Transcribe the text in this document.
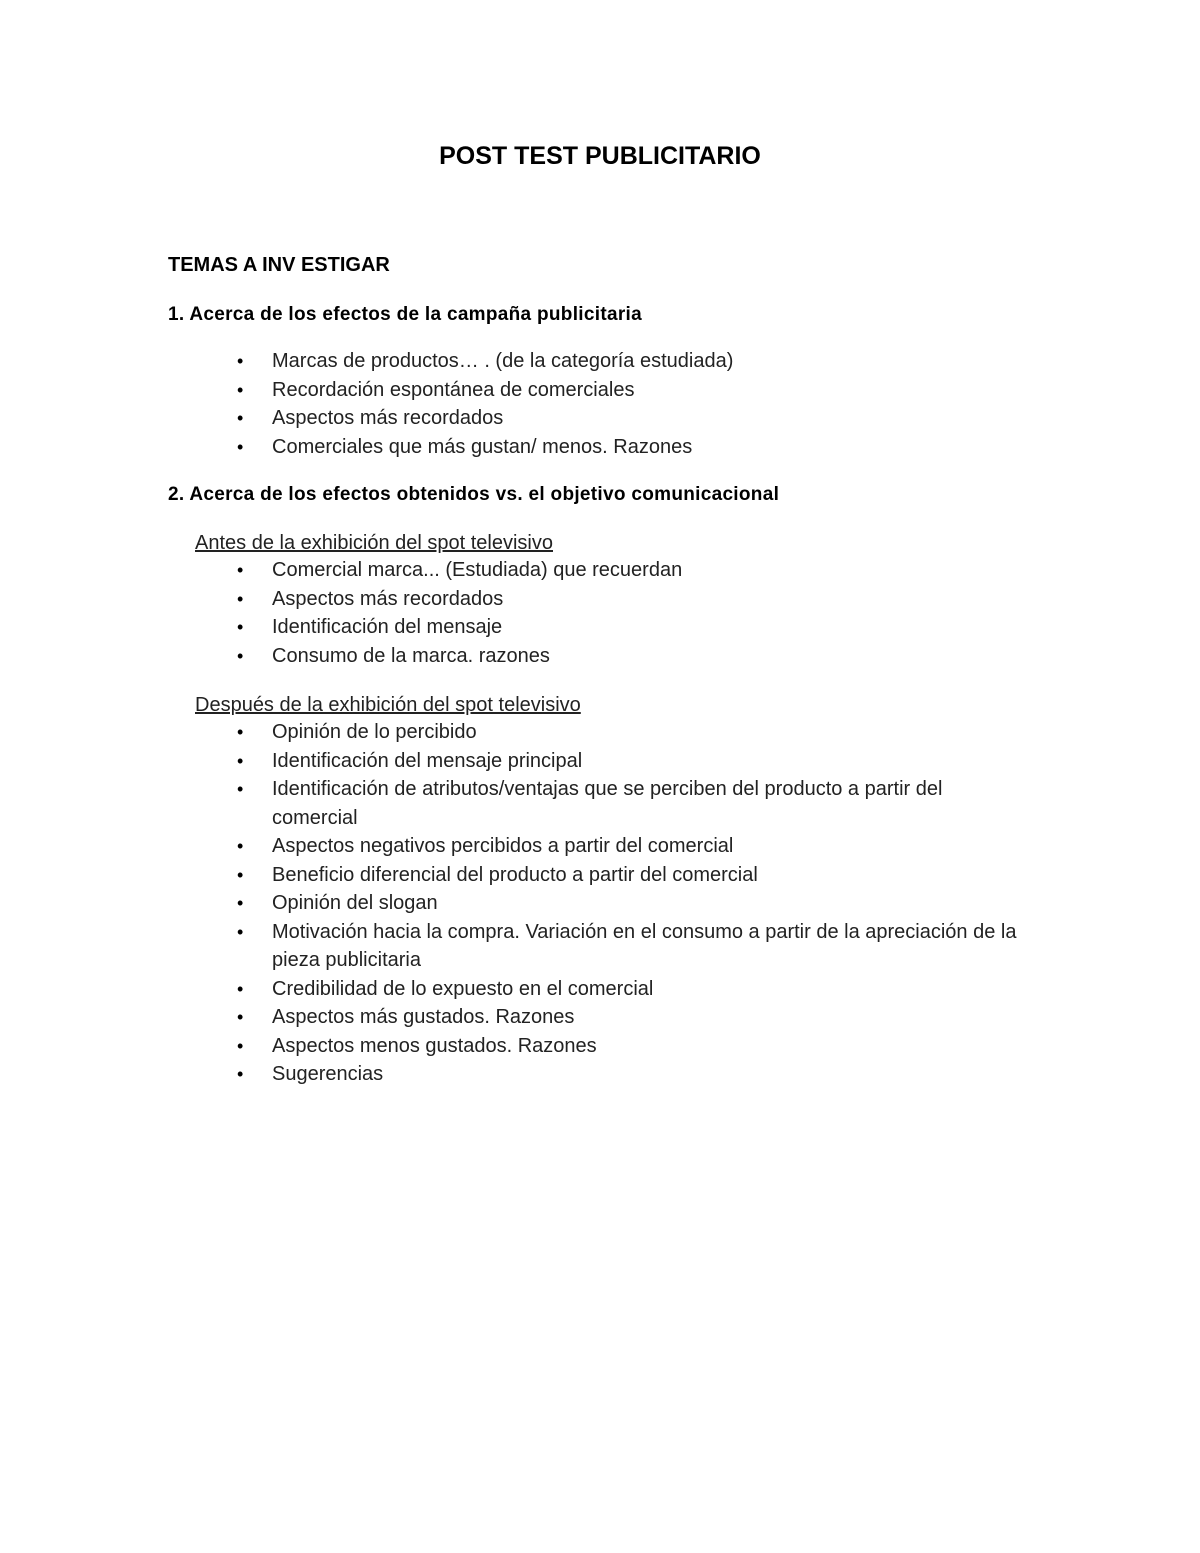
POST TEST PUBLICITARIO
TEMAS A INV ESTIGAR
1. Acerca de los efectos de la campaña publicitaria
• Marcas de productos… . (de la categoría estudiada)
• Recordación espontánea de comerciales
• Aspectos más recordados
• Comerciales que más gustan/ menos. Razones
2. Acerca de los efectos obtenidos vs. el objetivo comunicacional
Antes de la exhibición del spot televisivo
• Comercial marca... (Estudiada) que recuerdan
• Aspectos más recordados
• Identificación del mensaje
• Consumo de la marca. razones
Después de la exhibición del spot televisivo
• Opinión de lo percibido
• Identificación del mensaje principal
• Identificación de atributos/ventajas que se perciben del producto a partir del comercial
• Aspectos negativos percibidos a partir del comercial
• Beneficio diferencial del producto a partir del comercial
• Opinión del slogan
• Motivación hacia la compra. Variación en el consumo a partir de la apreciación de la pieza publicitaria
• Credibilidad de lo expuesto en el comercial
• Aspectos más gustados. Razones
• Aspectos menos gustados. Razones
• Sugerencias
